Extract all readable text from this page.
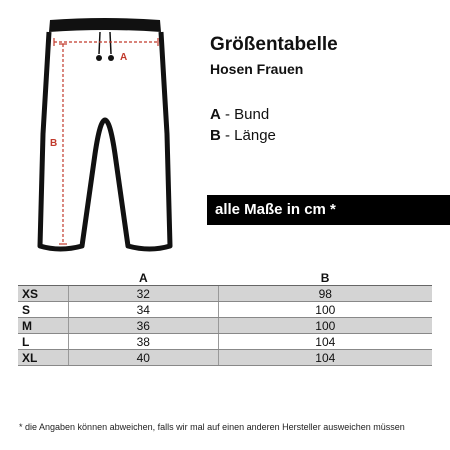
A
B
Größentabelle
Hosen Frauen
A - Bund
B - Länge
alle Maße in cm *
	A	B
XS	32	98
S	34	100
M	36	100
L	38	104
XL	40	104
* die Angaben können abweichen, falls wir mal auf einen anderen Hersteller ausweichen müssen
